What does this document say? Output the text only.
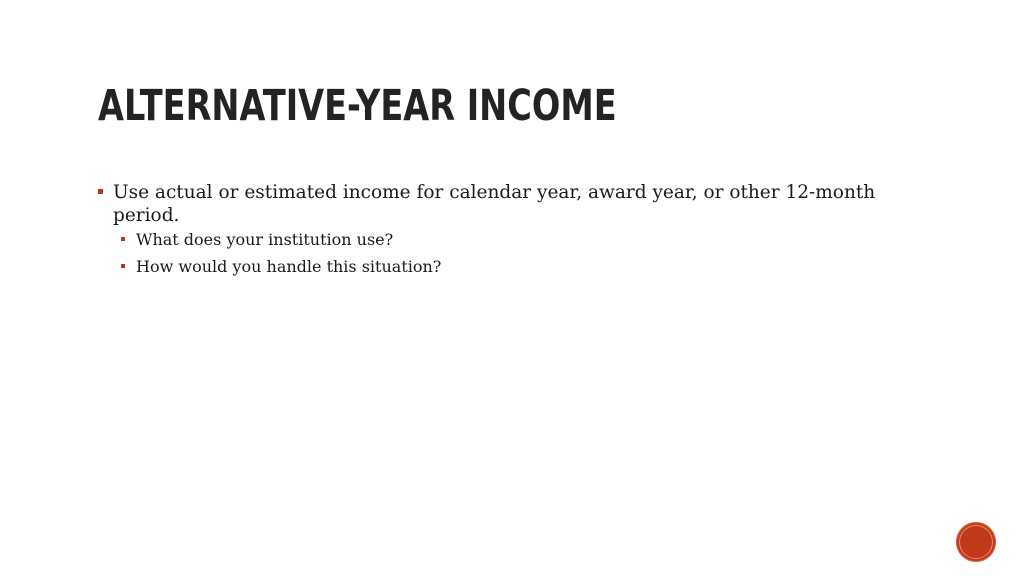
ALTERNATIVE-YEAR INCOME
Use actual or estimated income for calendar year, award year, or other 12-month period.
What does your institution use?
How would you handle this situation?
